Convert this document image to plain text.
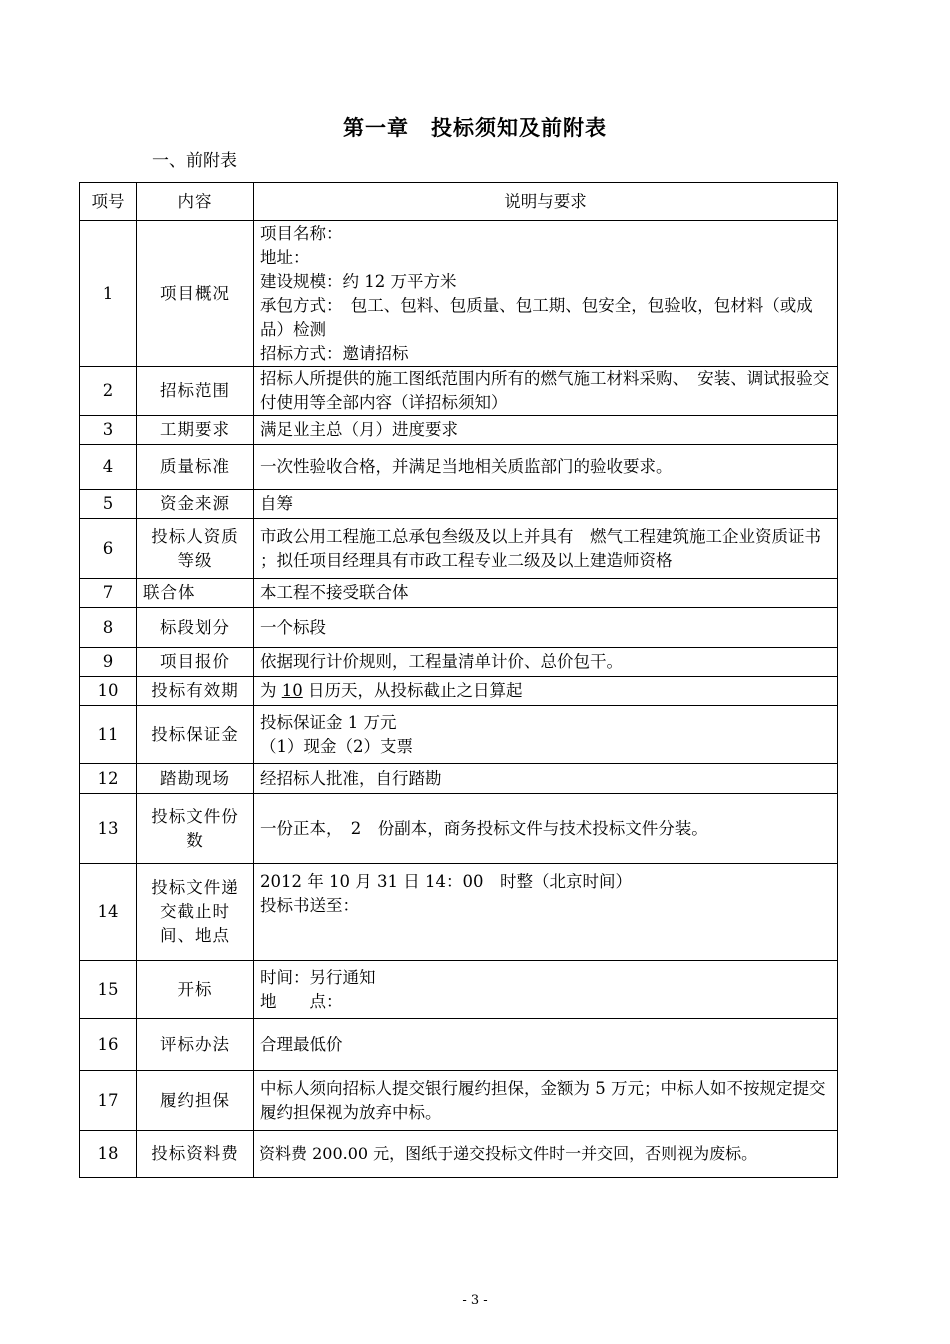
第一章　投标须知及前附表
一、前附表
项号	内容	说明与要求
1	项目概况	项目名称：
地址：
建设规模：约 12 万平方米
承包方式：　包工、包料、包质量、包工期、包安全，包验收，包材料（或成品）检测
招标方式：邀请招标

2	招标范围	招标人所提供的施工图纸范围内所有的燃气施工材料采购、　安装、调试报验交付使用等全部内容（详招标须知）
3	工期要求	满足业主总（月）进度要求
4	质量标准	一次性验收合格，并满足当地相关质监部门的验收要求。
5	资金来源	自筹
6	投标人资质等级	市政公用工程施工总承包叁级及以上并具有　燃气工程建筑施工企业资质证书 ；拟任项目经理具有市政工程专业二级及以上建造师资格
7	联合体	本工程不接受联合体
8	标段划分	一个标段
9	项目报价	依据现行计价规则，工程量清单计价、总价包干。
10	投标有效期	为 10 日历天，从投标截止之日算起
11	投标保证金	投标保证金 1 万元
（1）现金（2）支票

12	踏勘现场	经招标人批准，自行踏勘
13	投标文件份数	一份正本，　2　份副本，商务投标文件与技术投标文件分装。
14	投标文件递交截止时间、地点	2012 年 10 月 31 日 14：00　时整（北京时间）
投标书送至：

15	开标	时间：另行通知
地　　点：

16	评标办法	合理最低价
17	履约担保	中标人须向招标人提交银行履约担保，金额为 5 万元；中标人如不按规定提交履约担保视为放弃中标。
18	投标资料费	资料费 200.00 元，图纸于递交投标文件时一并交回，否则视为废标。
- 3 -
